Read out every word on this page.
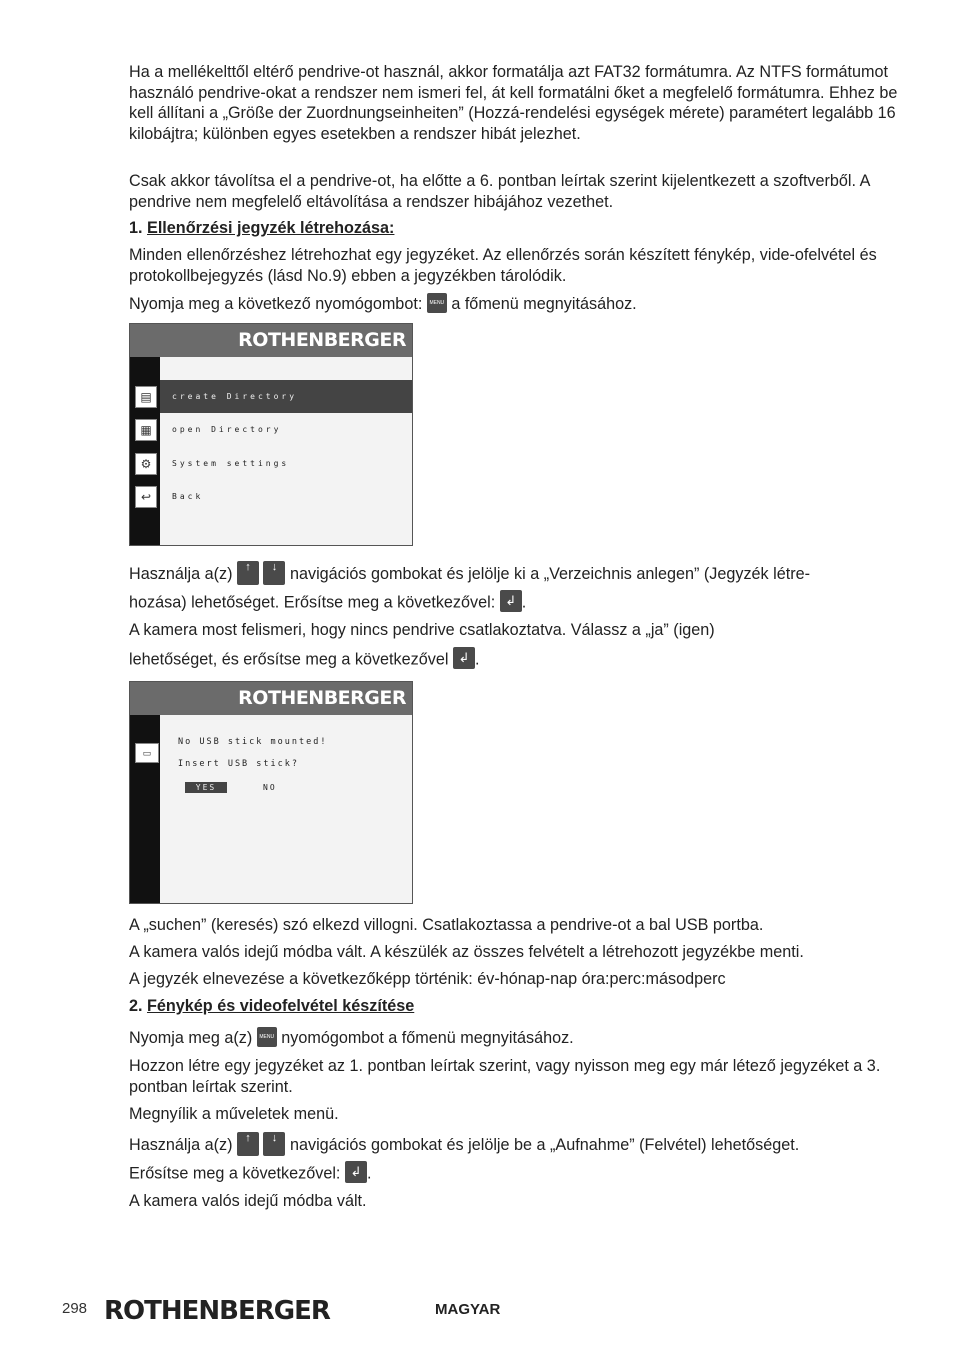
Ha a mellékelttől eltérő pendrive-ot használ, akkor formatálja azt FAT32 formátumra. Az NTFS formátumot használó pendrive-okat a rendszer nem ismeri fel, át kell formatálni őket a megfelelő formátumra. Ehhez be kell állítani a „Größe der Zuordnungseinheiten” (Hozzá-rendelési egységek mérete) paramétert legalább 16 kilobájtra; különben egyes esetekben a rendszer hibát jelezhet.

Csak akkor távolítsa el a pendrive-ot, ha előtte a 6. pontban leírtak szerint kijelentkezett a szoftverből. A pendrive nem megfelelő eltávolítása a rendszer hibájához vezethet.

1. Ellenőrzési jegyzék létrehozása:

Minden ellenőrzéshez létrehozhat egy jegyzéket. Az ellenőrzés során készített fénykép, vide-ofelvétel és protokollbejegyzés (lásd No.9) ebben a jegyzékben tárolódik.

Nyomja meg a következő nyomógombot: MENU a főmenü megnyitásához.

ROTHENBERGER
create Directory
open Directory
System settings
Back
▤
▦
⚙
↩

Használja a(z)	↑
	↓ navigációs gombokat és jelölje ki a „Verzeichnis anlegen” (Jegyzék létre-

hozása) lehetőséget. Erősítse meg a következővel: ↲ .

A kamera most felismeri, hogy nincs pendrive csatlakoztatva. Válassz a „ja” (igen)

lehetőséget, és erősítse meg a következővel ↲ .

ROTHENBERGER
No USB stick mounted!
Insert USB stick?
YES	NO
▭

A „suchen” (keresés) szó elkezd villogni. Csatlakoztassa a pendrive-ot a bal USB portba.

A kamera valós idejű módba vált. A készülék az összes felvételt a létrehozott jegyzékbe menti.

A jegyzék elnevezése a következőképp történik: év-hónap-nap óra:perc:másodperc

2. Fénykép és videofelvétel készítése

Nyomja meg a(z) MENU nyomógombot a főmenü megnyitásához.

Hozzon létre egy jegyzéket az 1. pontban leírtak szerint, vagy nyisson meg egy már létező jegyzéket a 3. pontban leírtak szerint.

Megnyílik a műveletek menü.

Használja a(z)	↑
	↓ navigációs gombokat és jelölje be a „Aufnahme” (Felvétel) lehetőséget.

Erősítse meg a következővel: ↲ .

A kamera valós idejű módba vált.

298 ROTHENBERGER	MAGYAR
